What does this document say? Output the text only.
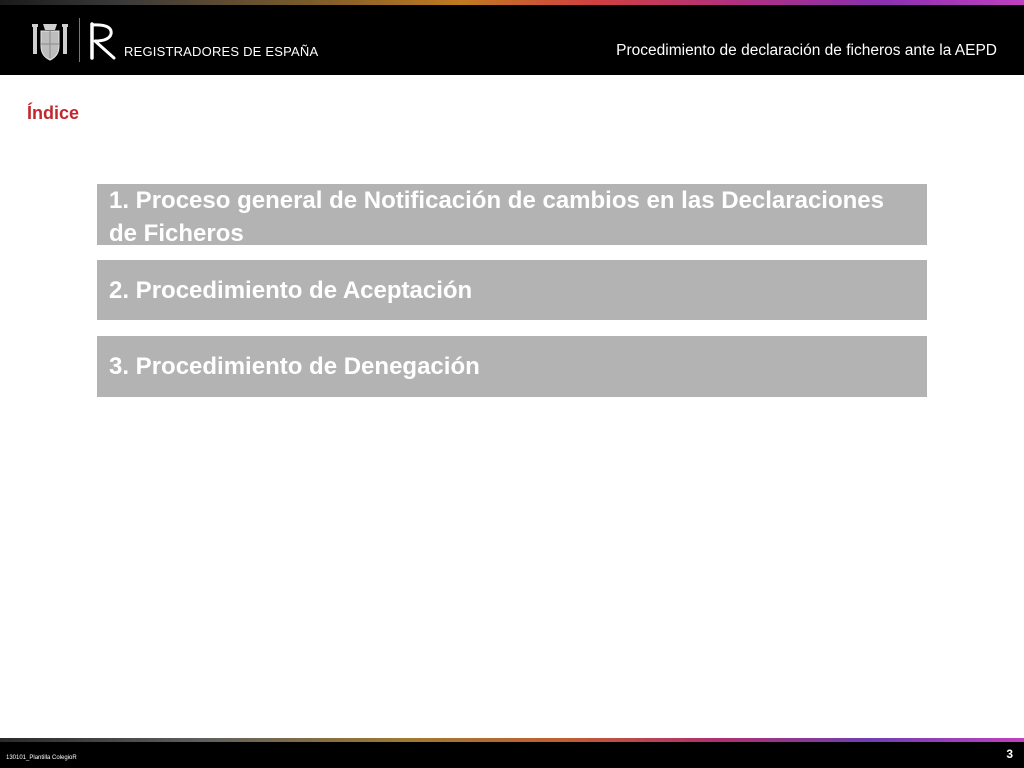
REGISTRADORES DE ESPAÑA	Procedimiento de declaración de ficheros ante la AEPD
Índice
1. Proceso general de Notificación de cambios en las Declaraciones de Ficheros
2. Procedimiento de Aceptación
3. Procedimiento de Denegación
130101_Plantilla ColegioR	3
